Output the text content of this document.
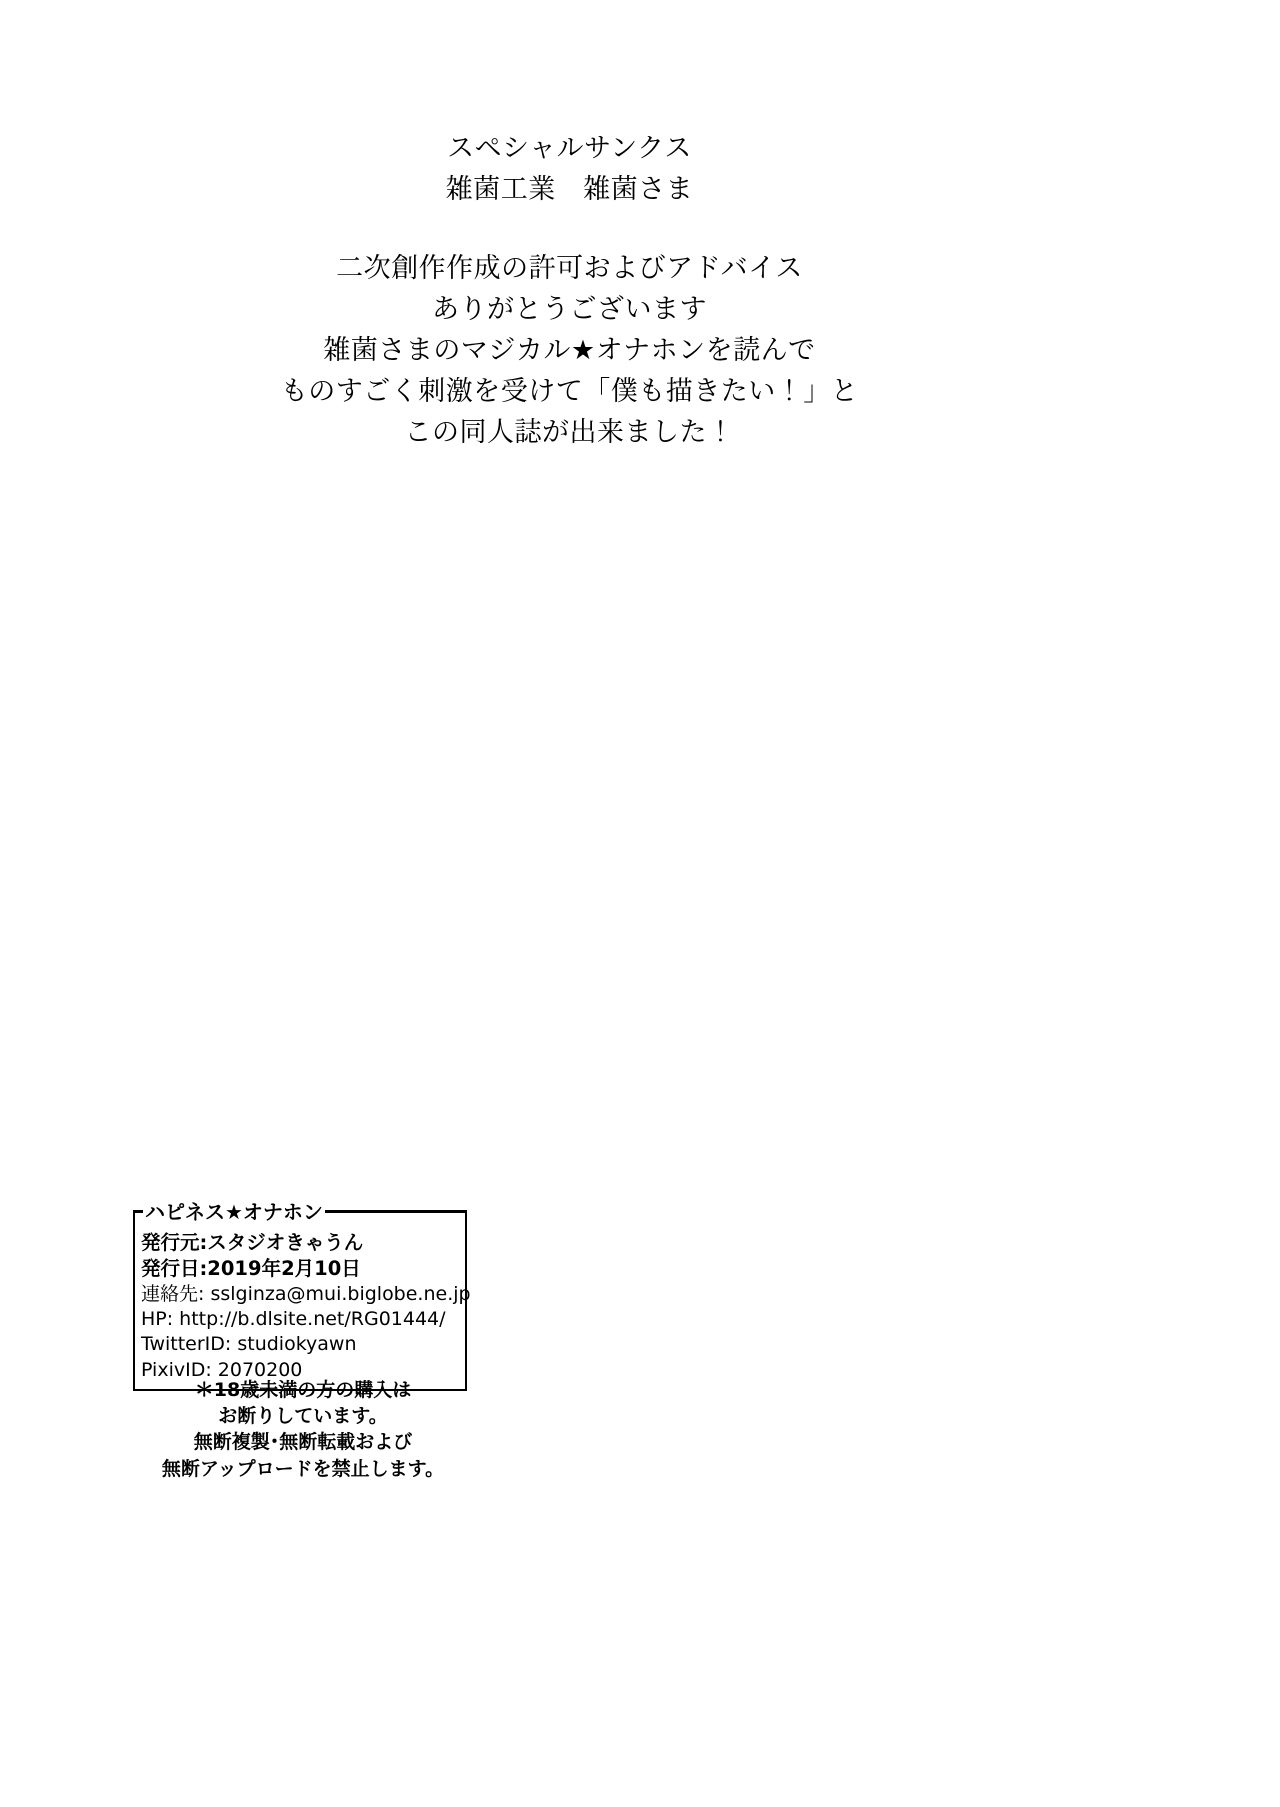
スペシャルサンクス
雑菌工業　雑菌さま
二次創作作成の許可およびアドバイス
ありがとうございます
雑菌さまのマジカル★オナホンを読んで
ものすごく刺激を受けて「僕も描きたい！」と
この同人誌が出来ました！
ハピネス★オナホン
発行元:スタジオきゃうん
発行日:2019年2月10日
連絡先: sslginza@mui.biglobe.ne.jp
HP: http://b.dlsite.net/RG01444/
TwitterID: studiokyawn
PixivID: 2070200
＊18歳未満の方の購入は
お断りしています。
無断複製･無断転載および
無断アップロードを禁止します。
